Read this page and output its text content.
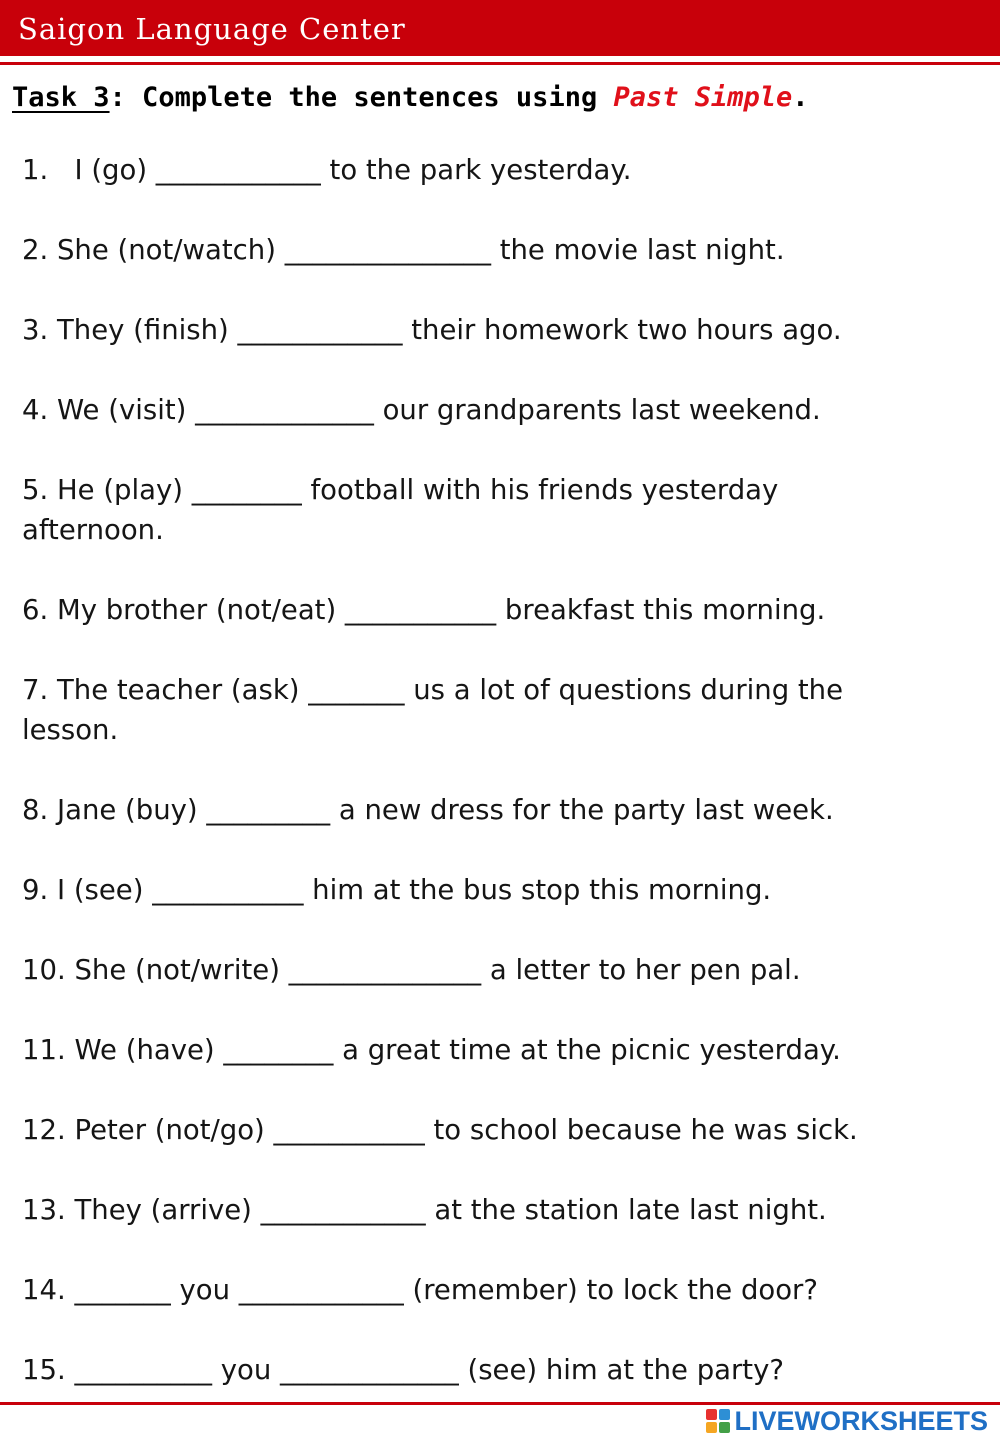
Saigon Language Center
Task 3: Complete the sentences using Past Simple.
1.   I (go) ____________ to the park yesterday.
2. She (not/watch) _______________ the movie last night.
3. They (finish) ____________ their homework two hours ago.
4. We (visit) _____________ our grandparents last weekend.
5. He (play) ________ football with his friends yesterday
afternoon.
6. My brother (not/eat) ___________ breakfast this morning.
7. The teacher (ask) _______ us a lot of questions during the
lesson.
8. Jane (buy) _________ a new dress for the party last week.
9. I (see) ___________ him at the bus stop this morning.
10. She (not/write) ______________ a letter to her pen pal.
11. We (have) ________ a great time at the picnic yesterday.
12. Peter (not/go) ___________ to school because he was sick.
13. They (arrive) ____________ at the station late last night.
14. _______ you ____________ (remember) to lock the door?
15. __________ you _____________ (see) him at the party?
LIVEWORKSHEETS
